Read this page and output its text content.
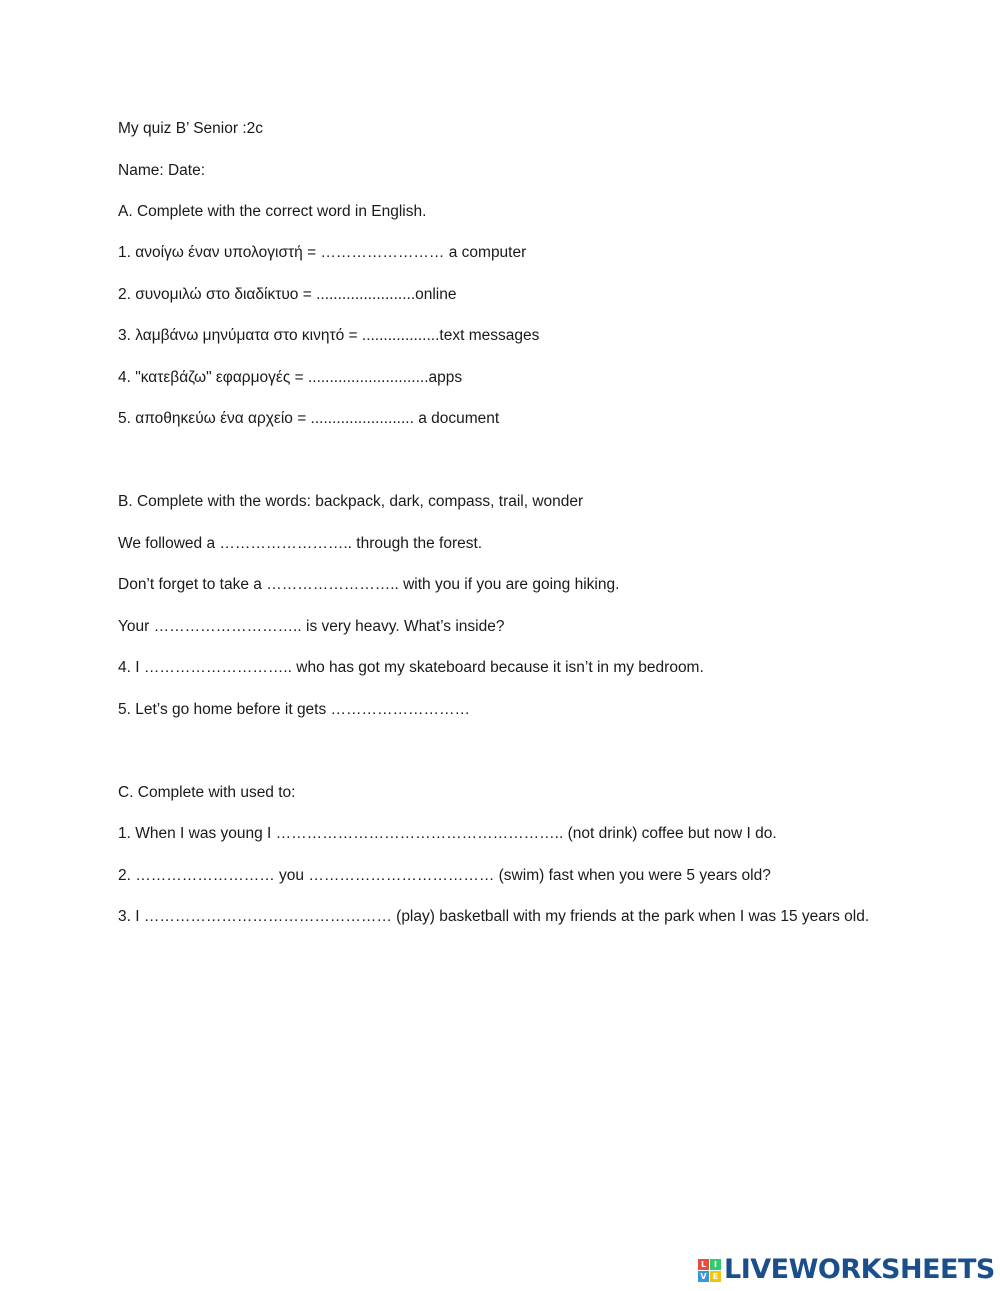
My quiz B’ Senior :2c
Name: Date:
A. Complete with the correct word in English.
1. ανοίγω έναν υπολογιστή = …………………… a computer
2. συνομιλώ στο διαδίκτυο = .......................online
3. λαμβάνω μηνύματα στο κινητό = ..................text messages
4. "κατεβάζω" εφαρμογές = ............................apps
5. αποθηκεύω ένα αρχείο = ........................ a document
B. Complete with the words: backpack, dark, compass, trail, wonder
We followed a …………………….. through the forest.
Don’t forget to take a …………………….. with you if you are going hiking.
Your ……………………….. is very heavy. What’s inside?
4. I ……………………….. who has got my skateboard because it isn’t in my bedroom.
5. Let’s go home before it gets ………………………
C. Complete with used to:
1. When I was young I ……………………………………………….. (not drink) coffee but now I do.
2. ……………………… you ……………………………… (swim) fast when you were 5 years old?
3. I ………………………………………… (play) basketball with my friends at the park when I was 15 years old.
L I
V E LIVEWORKSHEETS
